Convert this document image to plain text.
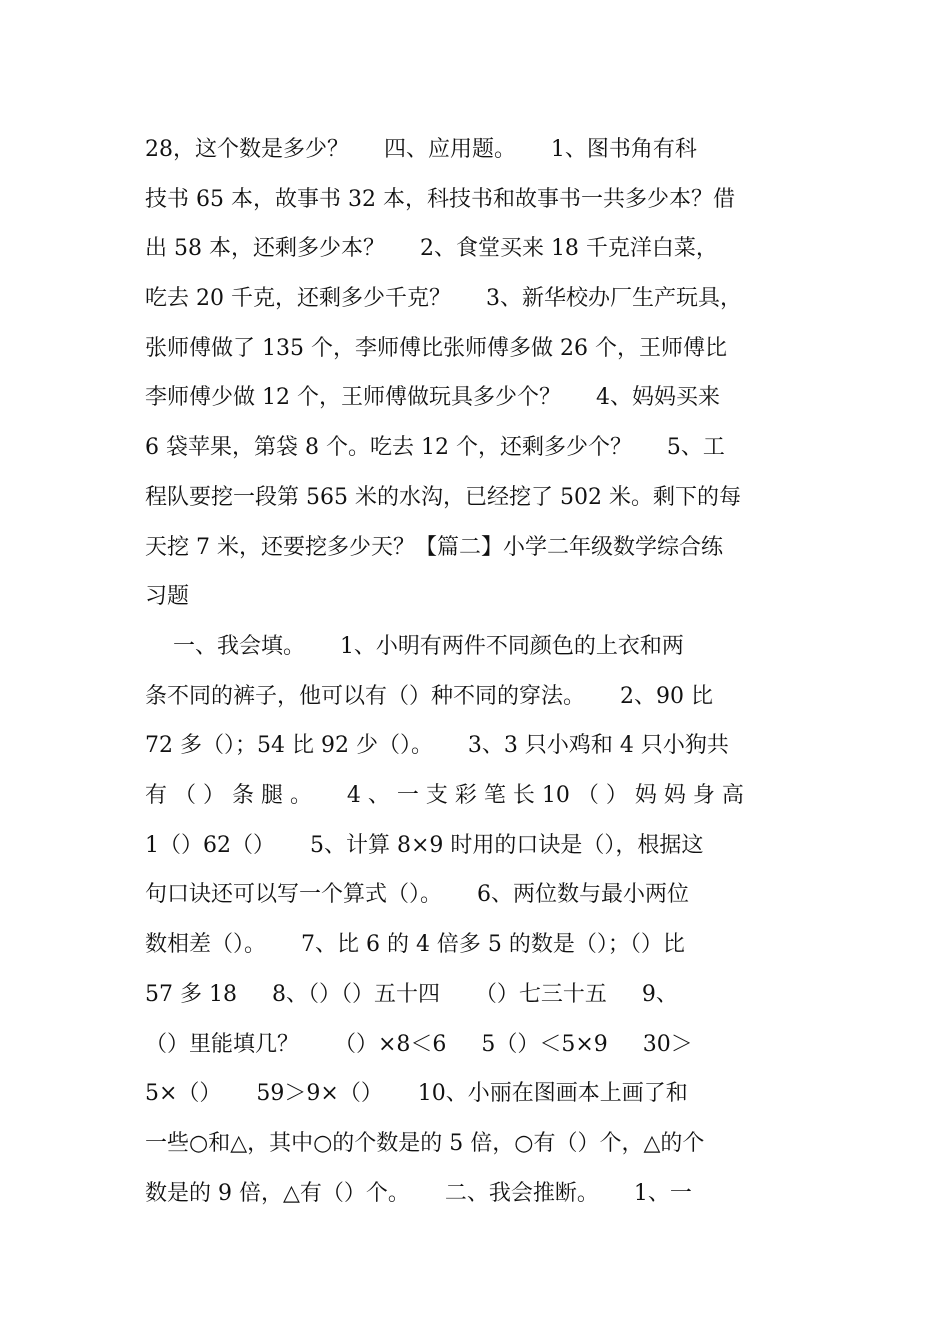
28，这个数是多少？     四、应用题。     1、图书角有科
技书 65 本，故事书 32 本，科技书和故事书一共多少本？借
出 58 本，还剩多少本？     2、食堂买来 18 千克洋白菜，
吃去 20 千克，还剩多少千克？     3、新华校办厂生产玩具，
张师傅做了 135 个，李师傅比张师傅多做 26 个，王师傅比
李师傅少做 12 个，王师傅做玩具多少个？     4、妈妈买来
6 袋苹果，第袋 8 个。吃去 12 个，还剩多少个？     5、工
程队要挖一段第 565 米的水沟，已经挖了 502 米。剩下的每
天挖 7 米，还要挖多少天？【篇二】小学二年级数学综合练
习题
一、我会填。     1、小明有两件不同颜色的上衣和两
条不同的裤子，他可以有（）种不同的穿法。     2、90 比
72 多（）；54 比 92 少（）。     3、3 只小鸡和 4 只小狗共
有 （ ） 条 腿 。     4 、 一 支 彩 笔 长 10 （ ） 妈 妈 身 高
1（）62（）     5、计算 8×9 时用的口诀是（），根据这
句口诀还可以写一个算式（）。     6、两位数与最小两位
数相差（）。     7、比 6 的 4 倍多 5 的数是（）；（）比
57 多 18     8、（）（）五十四     （）七三十五     9、
（）里能填几？     （）×8＜6     5（）＜5×9     30＞
5×（）     59＞9×（）     10、小丽在图画本上画了和
一些○和△，其中○的个数是的 5 倍，○有（）个，△的个
数是的 9 倍，△有（）个。     二、我会推断。     1、一
